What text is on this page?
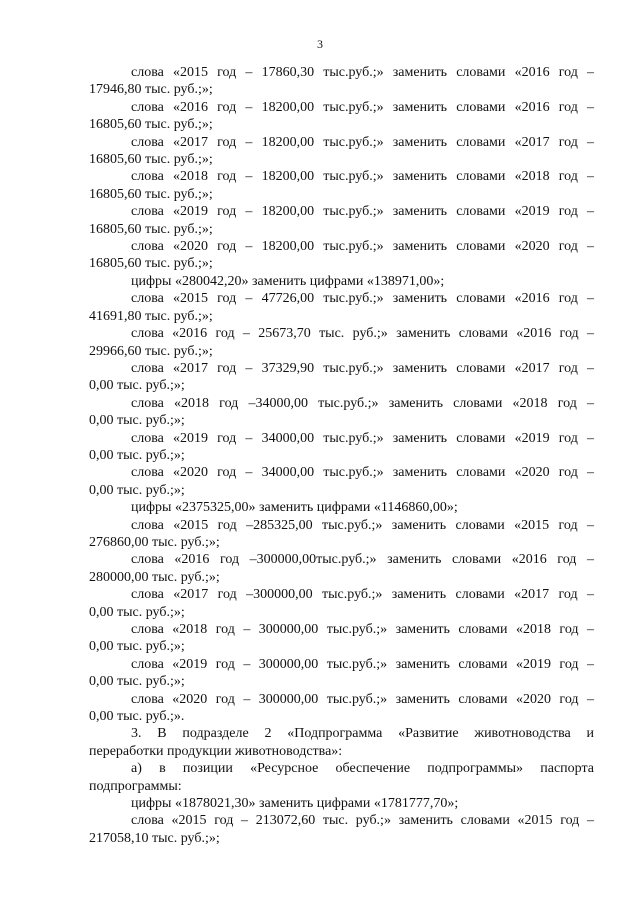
3

слова «2015 год – 17860,30 тыс.руб.;» заменить словами «2016 год –

17946,80 тыс. руб.;»;

слова «2016 год – 18200,00 тыс.руб.;» заменить словами «2016 год –

16805,60 тыс. руб.;»;

слова «2017 год – 18200,00 тыс.руб.;» заменить словами «2017 год –

16805,60 тыс. руб.;»;

слова «2018 год – 18200,00 тыс.руб.;» заменить словами «2018 год –

16805,60 тыс. руб.;»;

слова «2019 год – 18200,00 тыс.руб.;» заменить словами «2019 год –

16805,60 тыс. руб.;»;

слова «2020 год – 18200,00 тыс.руб.;» заменить словами «2020 год –

16805,60 тыс. руб.;»;

цифры «280042,20» заменить цифрами «138971,00»;

слова «2015 год – 47726,00 тыс.руб.;» заменить словами «2016 год –

41691,80 тыс. руб.;»;

слова «2016 год – 25673,70 тыс. руб.;» заменить словами «2016 год –

29966,60 тыс. руб.;»;

слова «2017 год – 37329,90 тыс.руб.;» заменить словами «2017 год –

0,00 тыс. руб.;»;

слова «2018 год –34000,00 тыс.руб.;» заменить словами «2018 год –

0,00 тыс. руб.;»;

слова «2019 год – 34000,00 тыс.руб.;» заменить словами «2019 год –

0,00 тыс. руб.;»;

слова «2020 год – 34000,00 тыс.руб.;» заменить словами «2020 год –

0,00 тыс. руб.;»;

цифры «2375325,00» заменить цифрами «1146860,00»;

слова «2015 год –285325,00 тыс.руб.;» заменить словами «2015 год –

276860,00 тыс. руб.;»;

слова «2016 год –300000,00тыс.руб.;» заменить словами «2016 год –

280000,00 тыс. руб.;»;

слова «2017 год –300000,00 тыс.руб.;» заменить словами «2017 год –

0,00 тыс. руб.;»;

слова «2018 год – 300000,00 тыс.руб.;» заменить словами «2018 год –

0,00 тыс. руб.;»;

слова «2019 год – 300000,00 тыс.руб.;» заменить словами «2019 год –

0,00 тыс. руб.;»;

слова «2020 год – 300000,00 тыс.руб.;» заменить словами «2020 год –

0,00 тыс. руб.;».

3. В подразделе 2 «Подпрограмма «Развитие животноводства и

переработки продукции животноводства»:

а) в позиции «Ресурсное обеспечение подпрограммы» паспорта

подпрограммы:

цифры «1878021,30» заменить цифрами «1781777,70»;

слова «2015 год – 213072,60 тыс. руб.;» заменить словами «2015 год –

217058,10 тыс. руб.;»;
